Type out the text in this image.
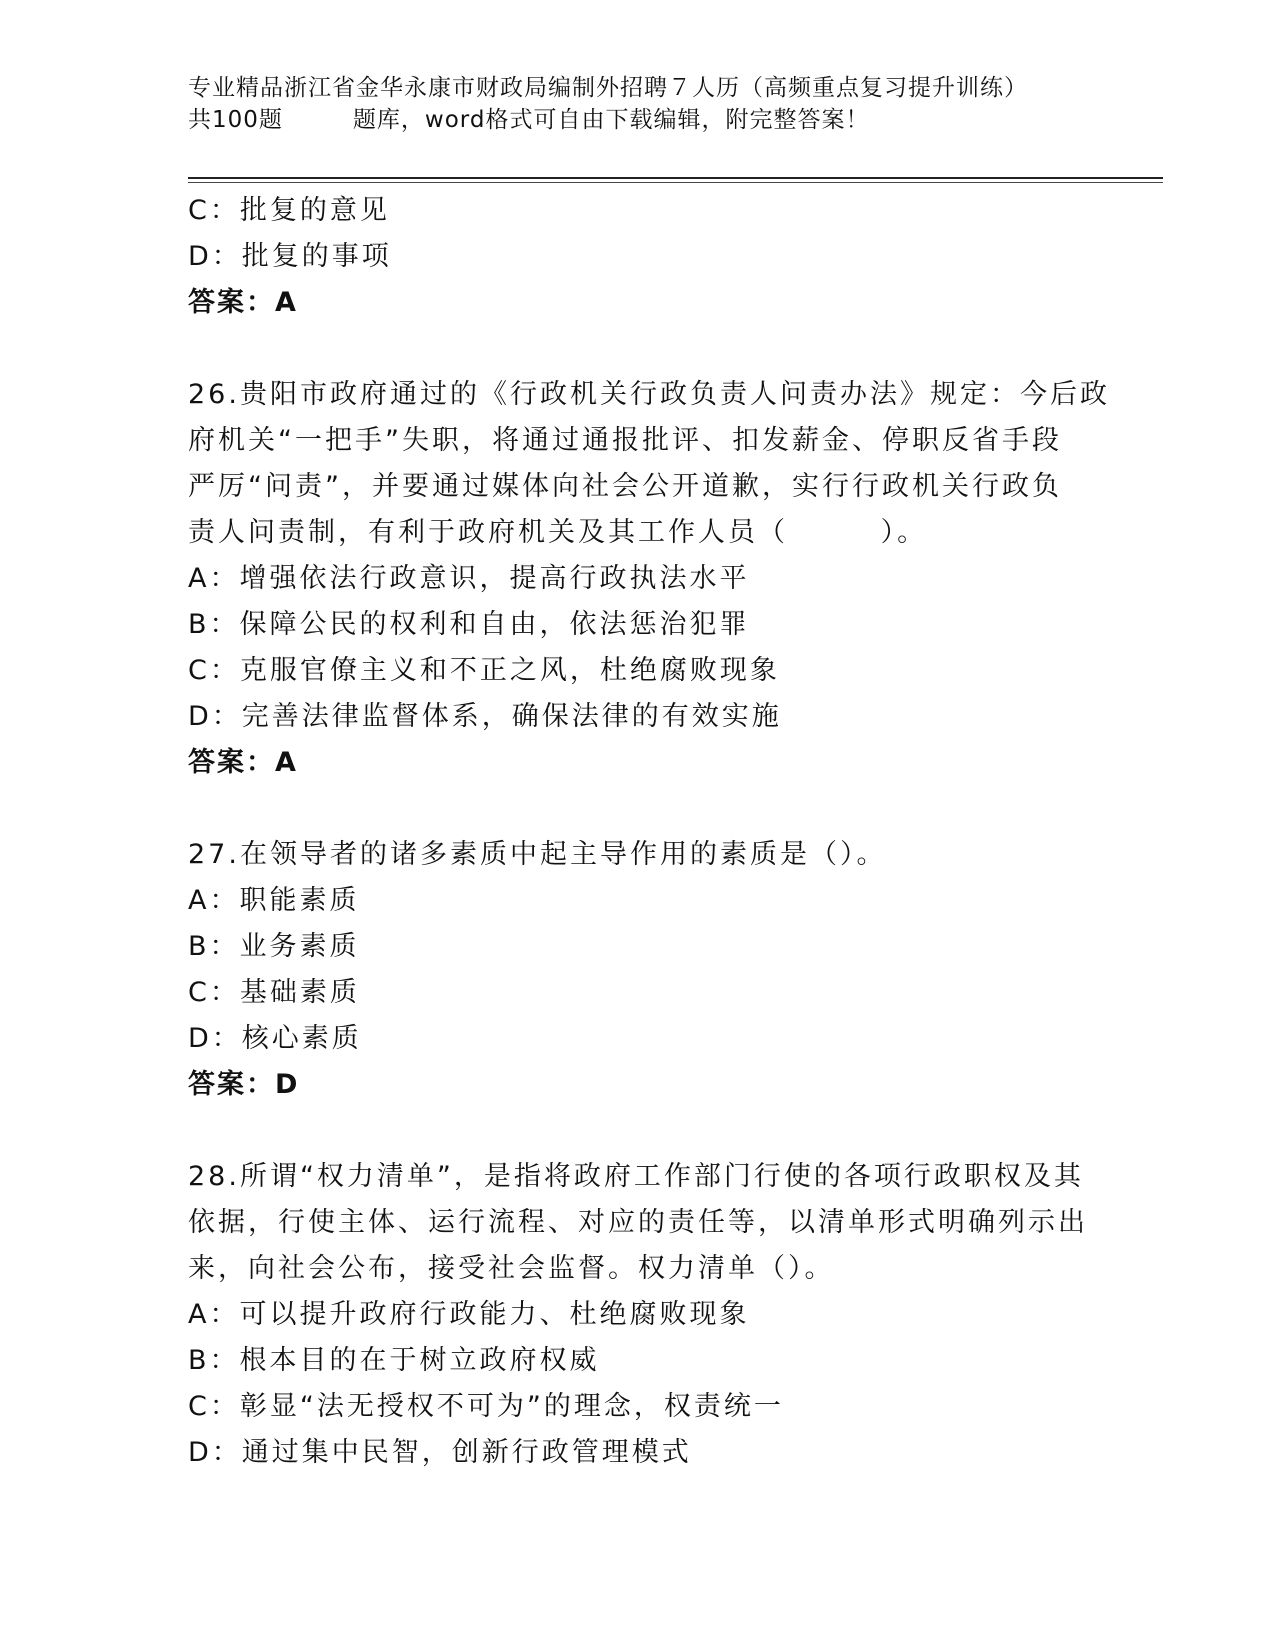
专业精品浙江省金华永康市财政局编制外招聘７人历（高频重点复习提升训练）
共100题	题库，word格式可自由下载编辑，附完整答案！
C：批复的意见
D：批复的事项
答案：A
26.贵阳市政府通过的《行政机关行政负责人问责办法》规定：今后政
府机关“一把手”失职，将通过通报批评、扣发薪金、停职反省手段
严厉“问责”，并要通过媒体向社会公开道歉，实行行政机关行政负
责人问责制，有利于政府机关及其工作人员（        ）。
A：增强依法行政意识，提高行政执法水平
B：保障公民的权利和自由，依法惩治犯罪
C：克服官僚主义和不正之风，杜绝腐败现象
D：完善法律监督体系，确保法律的有效实施
答案：A
27.在领导者的诸多素质中起主导作用的素质是（）。
A：职能素质
B：业务素质
C：基础素质
D：核心素质
答案：D
28.所谓“权力清单”，是指将政府工作部门行使的各项行政职权及其
依据，行使主体、运行流程、对应的责任等，以清单形式明确列示出
来，向社会公布，接受社会监督。权力清单（）。
A：可以提升政府行政能力、杜绝腐败现象
B：根本目的在于树立政府权威
C：彰显“法无授权不可为”的理念，权责统一
D：通过集中民智，创新行政管理模式
